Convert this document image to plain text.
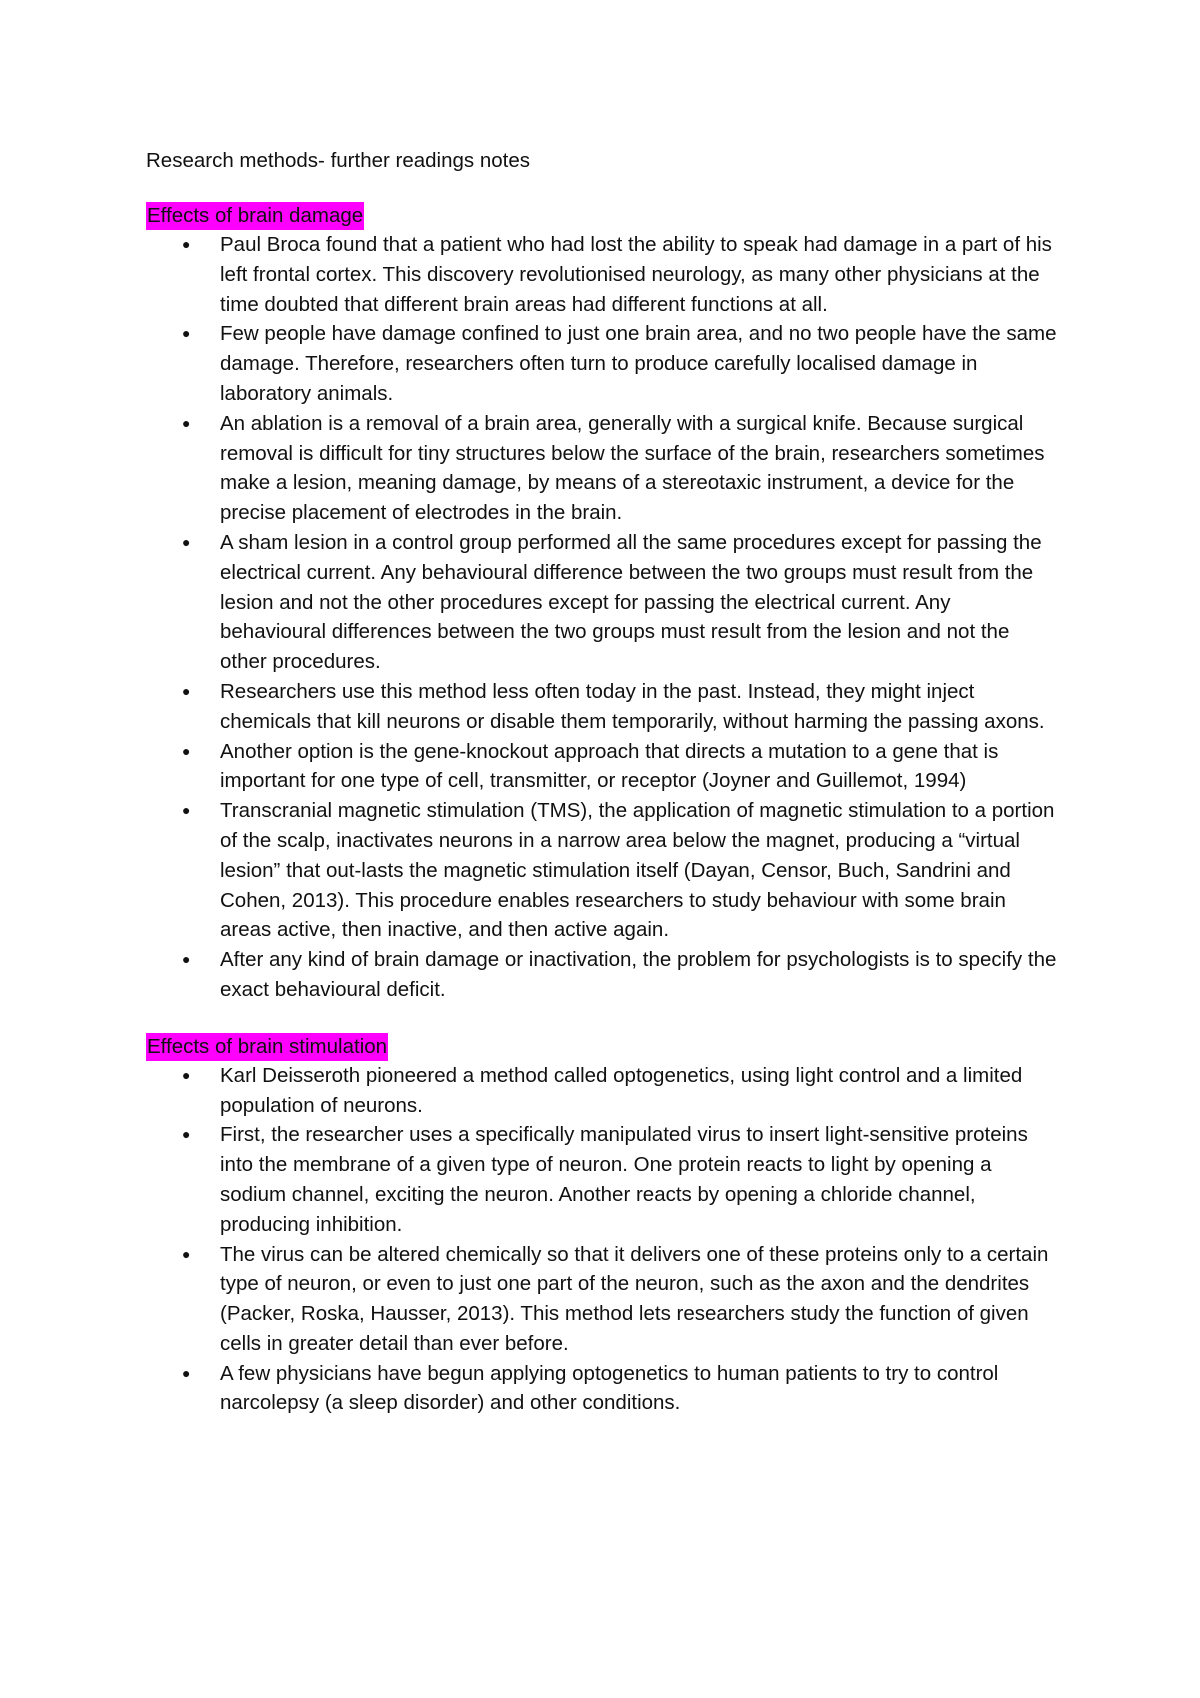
Research methods- further readings notes
Effects of brain damage
● Paul Broca found that a patient who had lost the ability to speak had damage in a part of his left frontal cortex. This discovery revolutionised neurology, as many other physicians at the time doubted that different brain areas had different functions at all.
● Few people have damage confined to just one brain area, and no two people have the same damage. Therefore, researchers often turn to produce carefully localised damage in laboratory animals.
● An ablation is a removal of a brain area, generally with a surgical knife. Because surgical removal is difficult for tiny structures below the surface of the brain, researchers sometimes make a lesion, meaning damage, by means of a stereotaxic instrument, a device for the precise placement of electrodes in the brain.
● A sham lesion in a control group performed all the same procedures except for passing the electrical current. Any behavioural difference between the two groups must result from the lesion and not the other procedures except for passing the electrical current. Any behavioural differences between the two groups must result from the lesion and not the other procedures.
● Researchers use this method less often today in the past. Instead, they might inject chemicals that kill neurons or disable them temporarily, without harming the passing axons.
● Another option is the gene-knockout approach that directs a mutation to a gene that is important for one type of cell, transmitter, or receptor (Joyner and Guillemot, 1994)
● Transcranial magnetic stimulation (TMS), the application of magnetic stimulation to a portion of the scalp, inactivates neurons in a narrow area below the magnet, producing a “virtual lesion” that out-lasts the magnetic stimulation itself (Dayan, Censor, Buch, Sandrini and Cohen, 2013). This procedure enables researchers to study behaviour with some brain areas active, then inactive, and then active again.
● After any kind of brain damage or inactivation, the problem for psychologists is to specify the exact behavioural deficit.
Effects of brain stimulation
● Karl Deisseroth pioneered a method called optogenetics, using light control and a limited population of neurons.
● First, the researcher uses a specifically manipulated virus to insert light-sensitive proteins into the membrane of a given type of neuron. One protein reacts to light by opening a sodium channel, exciting the neuron. Another reacts by opening a chloride channel, producing inhibition.
● The virus can be altered chemically so that it delivers one of these proteins only to a certain type of neuron, or even to just one part of the neuron, such as the axon and the dendrites (Packer, Roska, Hausser, 2013). This method lets researchers study the function of given cells in greater detail than ever before.
● A few physicians have begun applying optogenetics to human patients to try to control narcolepsy (a sleep disorder) and other conditions.
